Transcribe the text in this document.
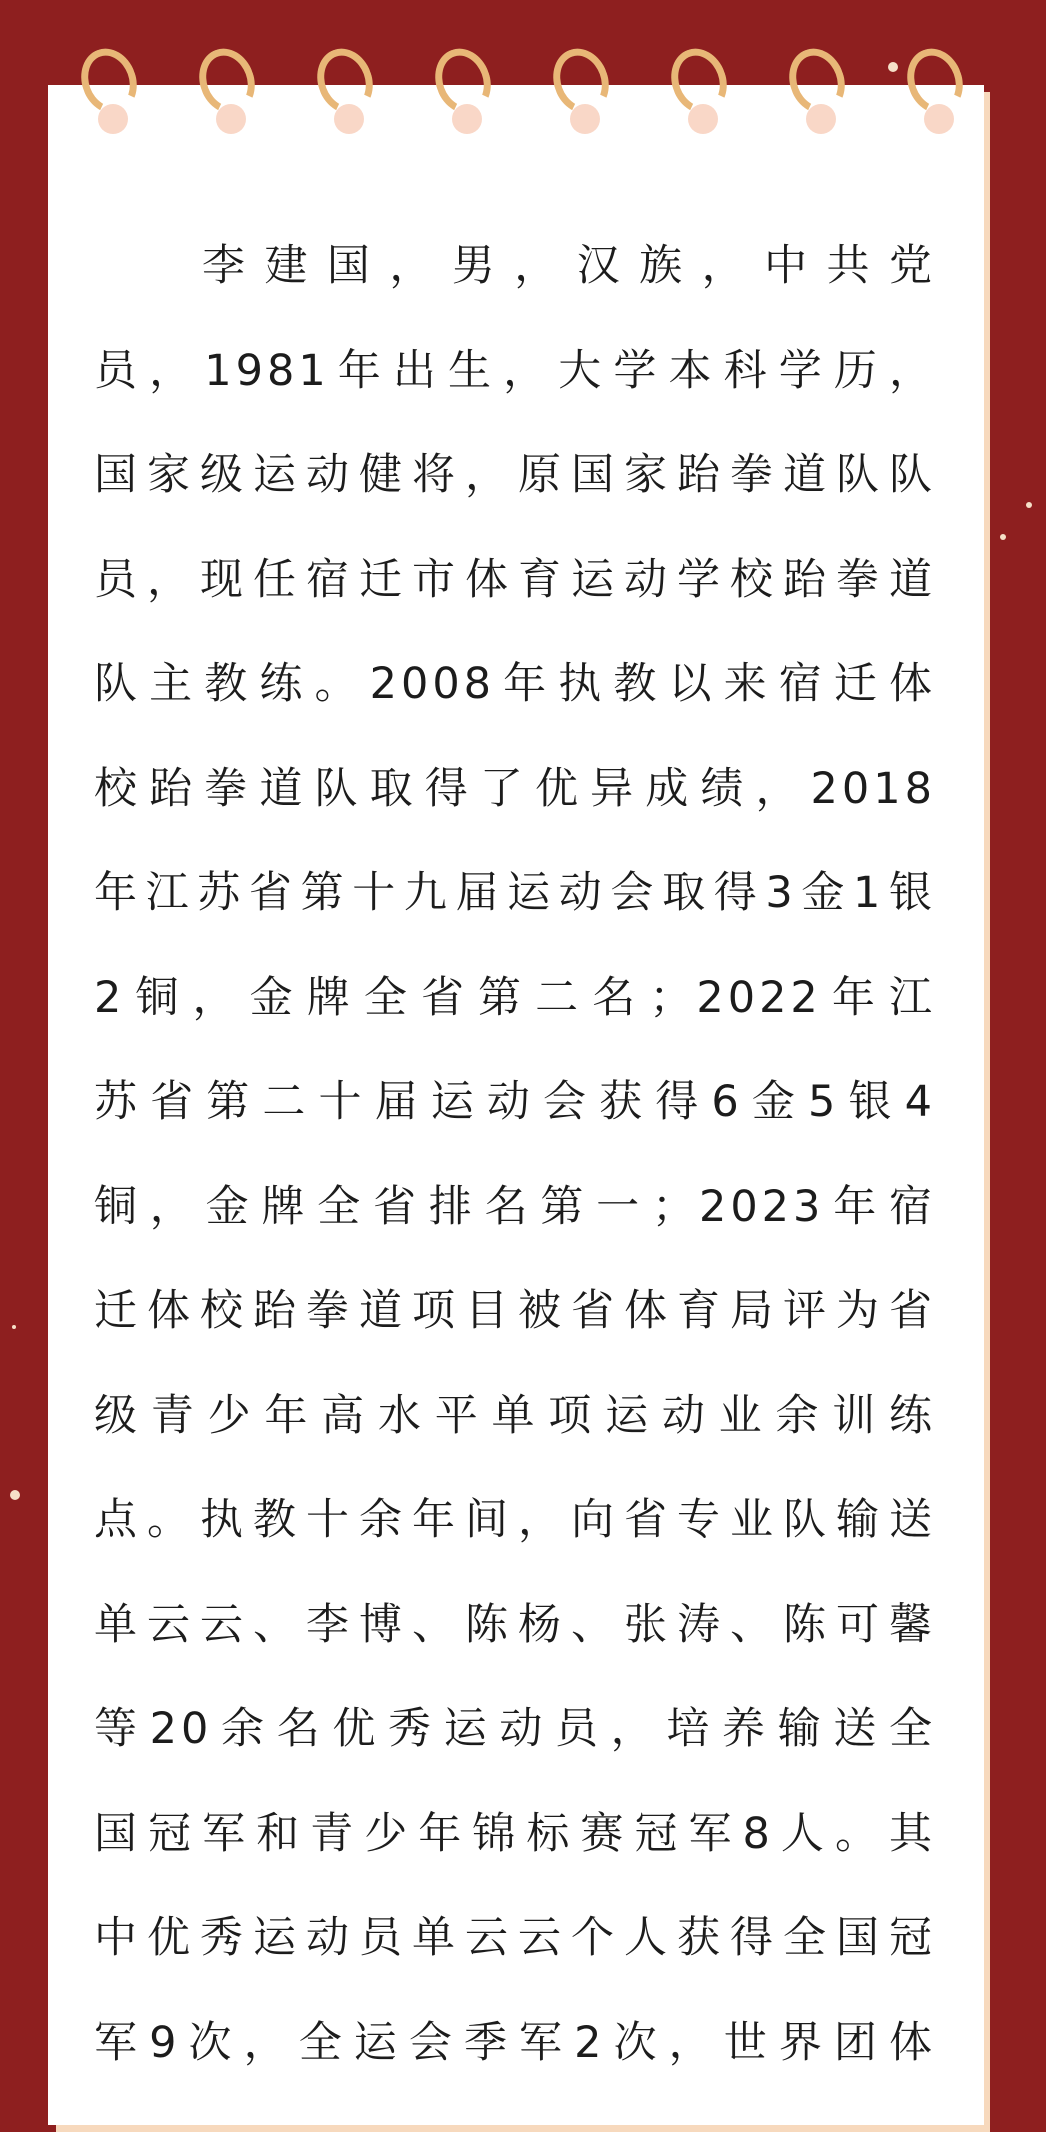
李建国，男，汉族，中共党
员，1981年出生，大学本科学历，
国家级运动健将，原国家跆拳道队队
员，现任宿迁市体育运动学校跆拳道
队主教练。2008年执教以来宿迁体
校跆拳道队取得了优异成绩，2018
年江苏省第十九届运动会取得3金1银
2铜，金牌全省第二名；2022年江
苏省第二十届运动会获得6金5银4
铜，金牌全省排名第一；2023年宿
迁体校跆拳道项目被省体育局评为省
级青少年高水平单项运动业余训练
点。执教十余年间，向省专业队输送
单云云、李博、陈杨、张涛、陈可馨
等20余名优秀运动员，培养输送全
国冠军和青少年锦标赛冠军8人。其
中优秀运动员单云云个人获得全国冠
军9次，全运会季军2次，世界团体
